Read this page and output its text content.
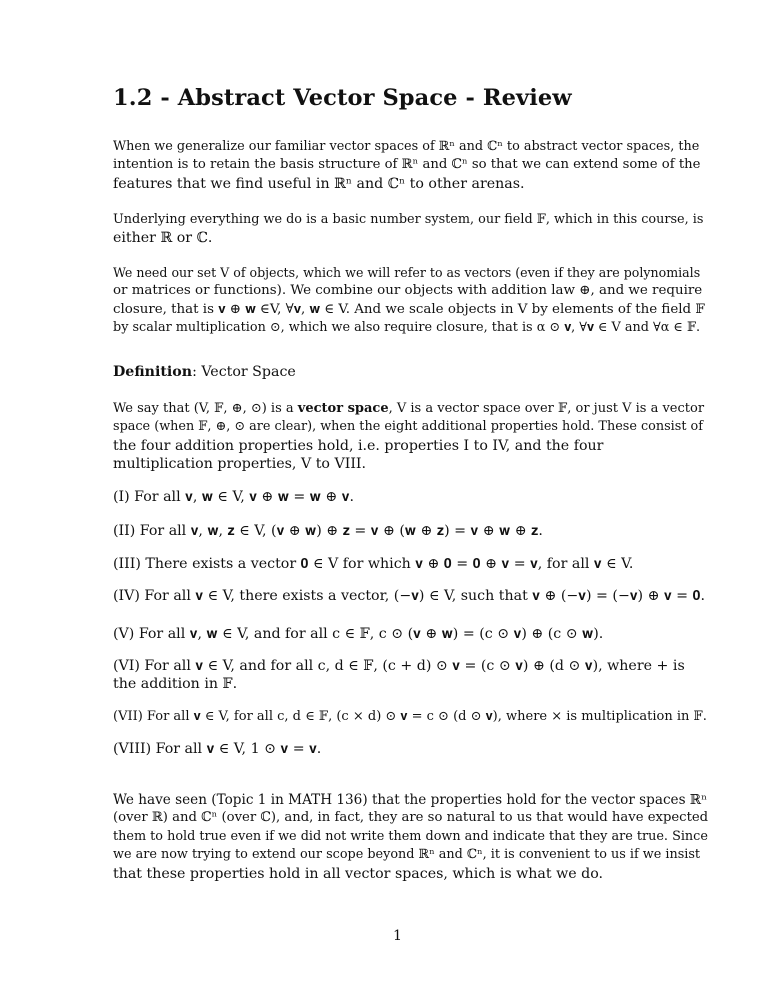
1.2 - Abstract Vector Space - Review

When we generalize our familiar vector spaces of ℝⁿ and ℂⁿ to abstract vector spaces, the
intention is to retain the basis structure of ℝⁿ and ℂⁿ so that we can extend some of the
features that we find useful in ℝⁿ and ℂⁿ to other arenas.

Underlying everything we do is a basic number system, our field 𝔽, which in this course, is
either ℝ or ℂ.

We need our set V of objects, which we will refer to as vectors (even if they are polynomials
or matrices or functions). We combine our objects with addition law ⊕, and we require
closure, that is 𝐯 ⊕ 𝐰 ∈V, ∀𝐯, 𝐰 ∈ V. And we scale objects in V by elements of the field 𝔽
by scalar multiplication ⊙, which we also require closure, that is α ⊙ 𝐯, ∀𝐯 ∈ V and ∀α ∈ 𝔽.

Definition: Vector Space

We say that (V, 𝔽, ⊕, ⊙) is a vector space, V is a vector space over 𝔽, or just V is a vector
space (when 𝔽, ⊕, ⊙ are clear), when the eight additional properties hold. These consist of
the four addition properties hold, i.e. properties I to IV, and the four
multiplication properties, V to VIII.

(I) For all 𝐯, 𝐰 ∈ V, 𝐯 ⊕ 𝐰 = 𝐰 ⊕ 𝐯.

(II) For all 𝐯, 𝐰, 𝐳 ∈ V, (𝐯 ⊕ 𝐰) ⊕ 𝐳 = 𝐯 ⊕ (𝐰 ⊕ 𝐳) = 𝐯 ⊕ 𝐰 ⊕ 𝐳.

(III) There exists a vector 𝟎 ∈ V for which 𝐯 ⊕ 𝟎 = 𝟎 ⊕ 𝐯 = 𝐯, for all 𝐯 ∈ V.

(IV) For all 𝐯 ∈ V, there exists a vector, (−𝐯) ∈ V, such that 𝐯 ⊕ (−𝐯) = (−𝐯) ⊕ 𝐯 = 𝟎.

(V) For all 𝐯, 𝐰 ∈ V, and for all c ∈ 𝔽, c ⊙ (𝐯 ⊕ 𝐰) = (c ⊙ 𝐯) ⊕ (c ⊙ 𝐰).

(VI) For all 𝐯 ∈ V, and for all c, d ∈ 𝔽, (c + d) ⊙ 𝐯 = (c ⊙ 𝐯) ⊕ (d ⊙ 𝐯), where + is
the addition in 𝔽.

(VII) For all 𝐯 ∈ V, for all c, d ∈ 𝔽, (c × d) ⊙ 𝐯 = c ⊙ (d ⊙ 𝐯), where × is multiplication in 𝔽.

(VIII) For all 𝐯 ∈ V, 1 ⊙ 𝐯 = 𝐯.

We have seen (Topic 1 in MATH 136) that the properties hold for the vector spaces ℝⁿ
(over ℝ) and ℂⁿ (over ℂ), and, in fact, they are so natural to us that would have expected
them to hold true even if we did not write them down and indicate that they are true. Since
we are now trying to extend our scope beyond ℝⁿ and ℂⁿ, it is convenient to us if we insist
that these properties hold in all vector spaces, which is what we do.

1
